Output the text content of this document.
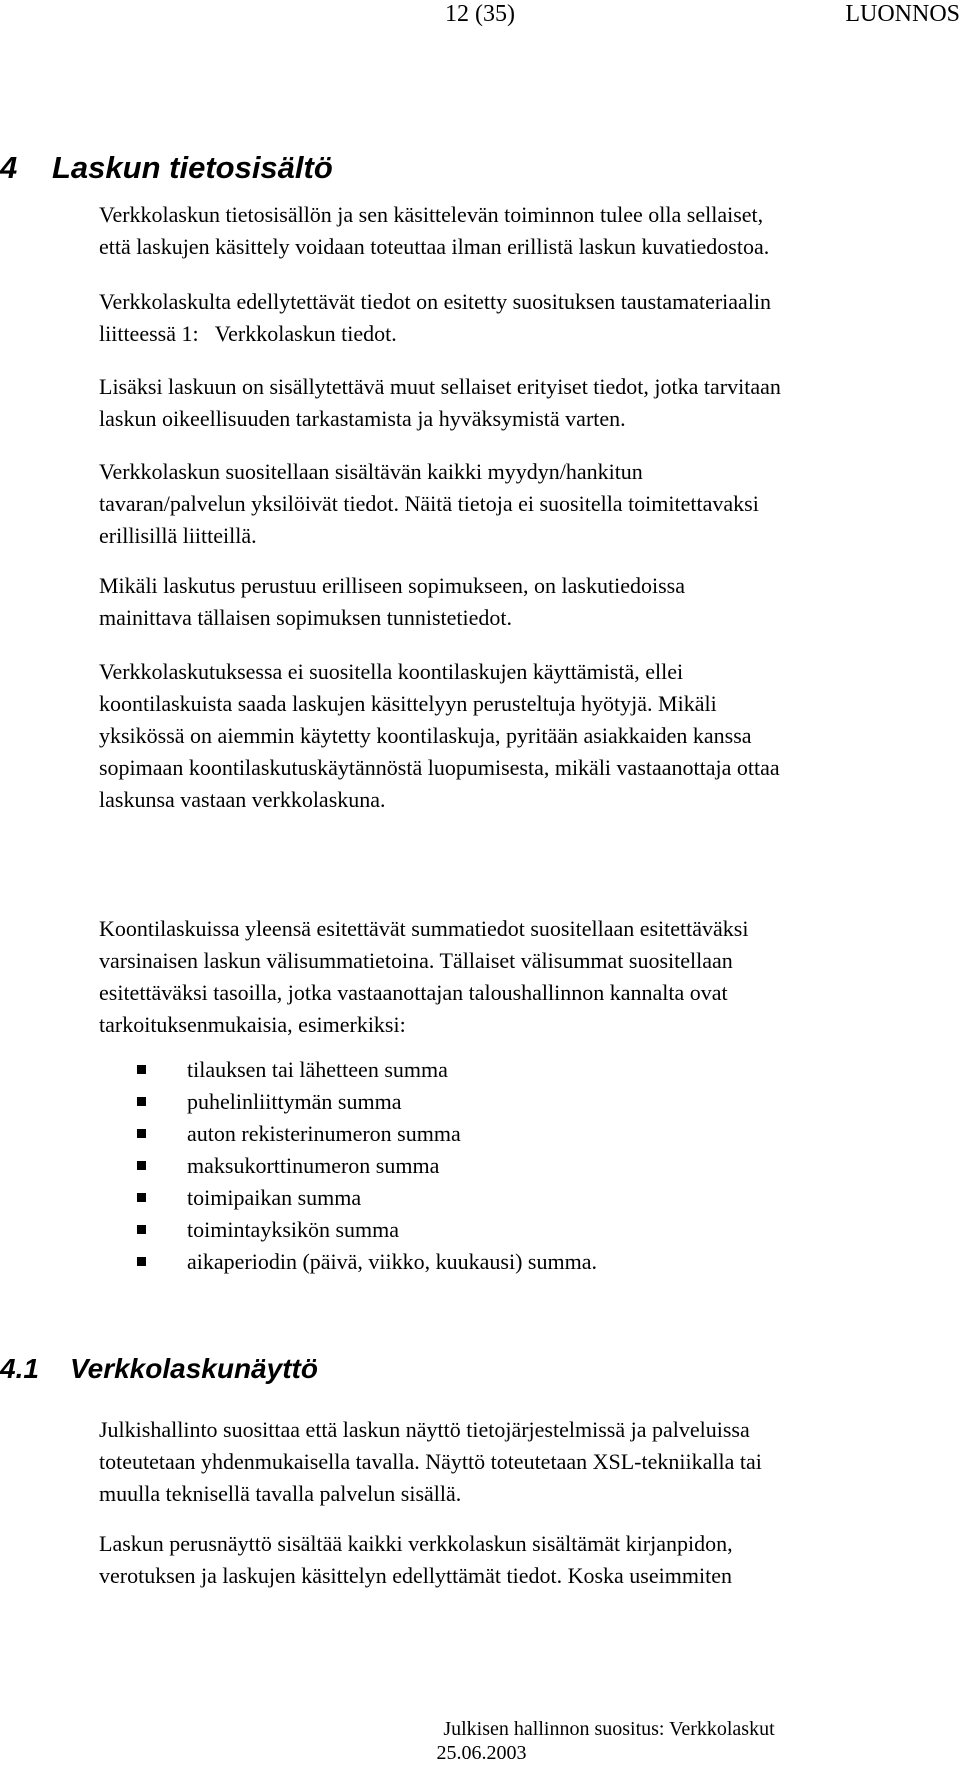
12 (35)	LUONNOS
4 Laskun tietosisältö

Verkkolaskun tietosisällön ja sen käsittelevän toiminnon tulee olla sellaiset,
että laskujen käsittely voidaan toteuttaa ilman erillistä laskun kuvatiedostoa.

Verkkolaskulta edellytettävät tiedot on esitetty suosituksen taustamateriaalin
liitteessä 1:   Verkkolaskun tiedot.

Lisäksi laskuun on sisällytettävä muut sellaiset erityiset tiedot, jotka tarvitaan
laskun oikeellisuuden tarkastamista ja hyväksymistä varten.

Verkkolaskun suositellaan sisältävän kaikki myydyn/hankitun
tavaran/palvelun yksilöivät tiedot. Näitä tietoja ei suositella toimitettavaksi
erillisillä liitteillä.

Mikäli laskutus perustuu erilliseen sopimukseen, on laskutiedoissa
mainittava tällaisen sopimuksen tunnistetiedot.

Verkkolaskutuksessa ei suositella koontilaskujen käyttämistä, ellei
koontilaskuista saada laskujen käsittelyyn perusteltuja hyötyjä. Mikäli
yksikössä on aiemmin käytetty koontilaskuja, pyritään asiakkaiden kanssa
sopimaan koontilaskutuskäytännöstä luopumisesta, mikäli vastaanottaja ottaa
laskunsa vastaan verkkolaskuna.

Koontilaskuissa yleensä esitettävät summatiedot suositellaan esitettäväksi
varsinaisen laskun välisummatietoina. Tällaiset välisummat suositellaan
esitettäväksi tasoilla, jotka vastaanottajan taloushallinnon kannalta ovat
tarkoituksenmukaisia, esimerkiksi:

tilauksen tai lähetteen summa
puhelinliittymän summa
auton rekisterinumeron summa
maksukorttinumeron summa
toimipaikan summa
toimintayksikön summa
aikaperiodin (päivä, viikko, kuukausi) summa.
4.1 Verkkolaskunäyttö

Julkishallinto suosittaa että laskun näyttö tietojärjestelmissä ja palveluissa
toteutetaan yhdenmukaisella tavalla. Näyttö toteutetaan XSL-tekniikalla tai
muulla teknisellä tavalla palvelun sisällä.

Laskun perusnäyttö sisältää kaikki verkkolaskun sisältämät kirjanpidon,
verotuksen ja laskujen käsittelyn edellyttämät tiedot. Koska useimmiten

Julkisen hallinnon suositus: Verkkolaskut
25.06.2003
